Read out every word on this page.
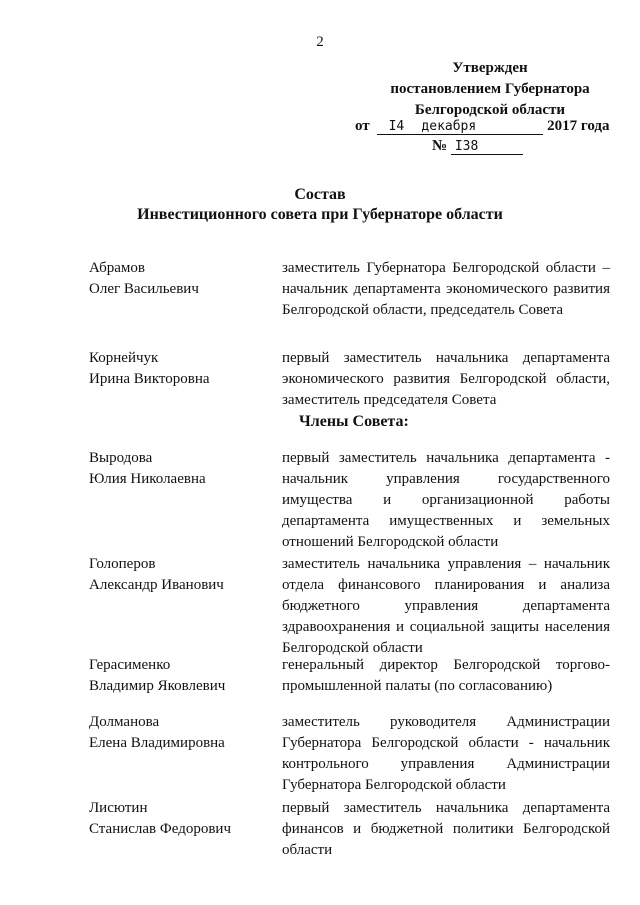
2
Утвержден
постановлением Губернатора
Белгородской области
от I4 декабря	2017 года
№ I38
Состав
Инвестиционного совета при Губернаторе области
Абрамов
Олег Васильевич
заместитель Губернатора Белгородской области – начальник департамента экономического развития Белгородской области, председатель Совета
Корнейчук
Ирина Викторовна
первый заместитель начальника департамента экономического развития Белгородской области, заместитель председателя Совета
Члены Совета:
Выродова
Юлия Николаевна
первый заместитель начальника департамента - начальник управления государственного имущества и организационной работы департамента имущественных и земельных отношений Белгородской области
Голоперов
Александр Иванович
заместитель начальника управления – начальник отдела финансового планирования и анализа бюджетного управления департамента здравоохранения и социальной защиты населения Белгородской области
Герасименко
Владимир Яковлевич
генеральный директор Белгородской торгово-промышленной палаты (по согласованию)
Долманова
Елена Владимировна
заместитель руководителя Администрации Губернатора Белгородской области - начальник контрольного управления Администрации Губернатора Белгородской области
Лисютин
Станислав Федорович
первый заместитель начальника департамента финансов и бюджетной политики Белгородской области
